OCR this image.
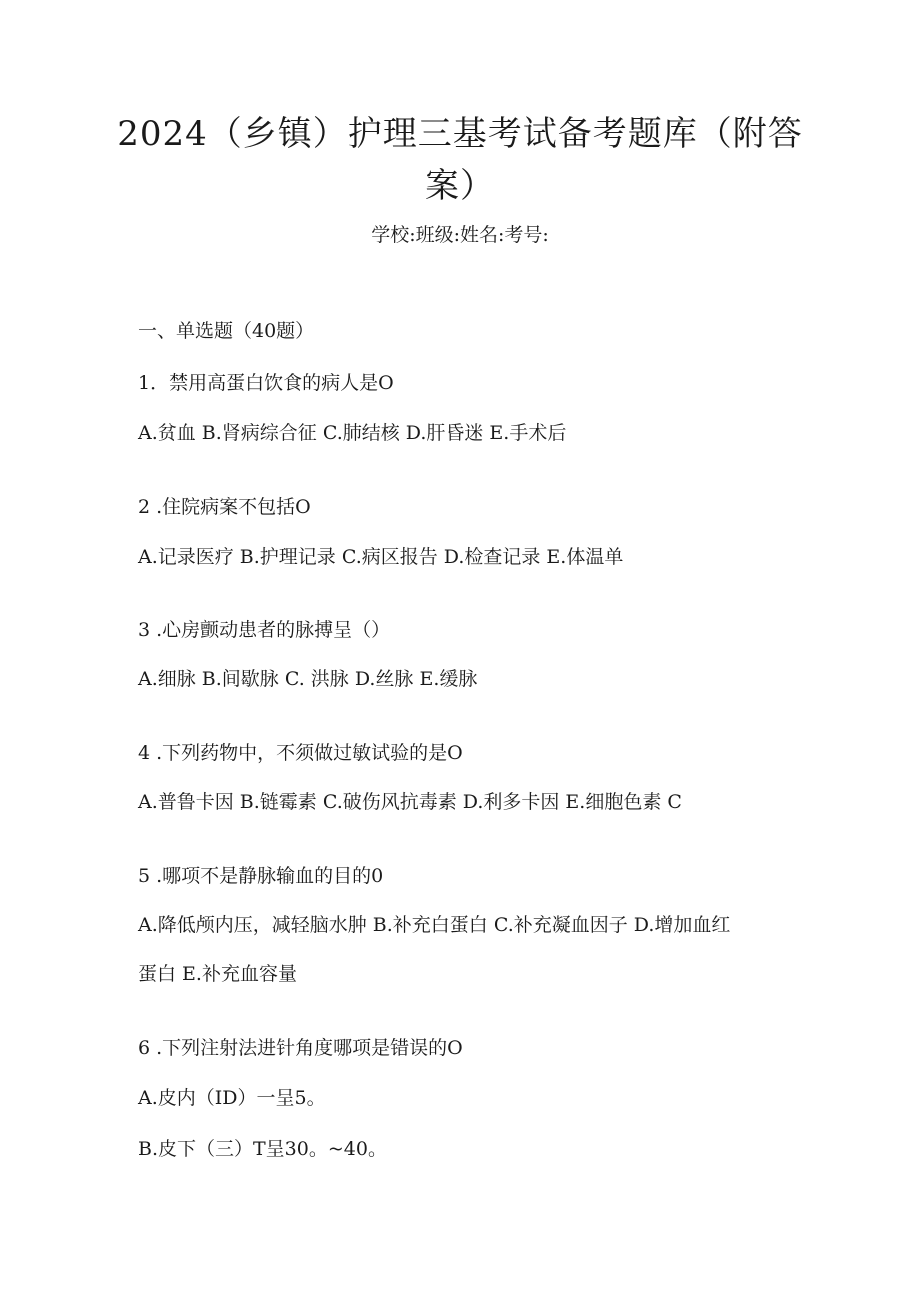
2024（乡镇）护理三基考试备考题库（附答案）
学校:班级:姓名:考号:
一、单选题（40题）
1．禁用高蛋白饮食的病人是O
A.贫血 B.肾病综合征 C.肺结核 D.肝昏迷 E.手术后
2 .住院病案不包括O
A.记录医疗 B.护理记录 C.病区报告 D.检查记录 E.体温单
3 .心房颤动患者的脉搏呈（）
A.细脉 B.间歇脉 C. 洪脉 D.丝脉 E.缓脉
4 .下列药物中，不须做过敏试验的是O
A.普鲁卡因 B.链霉素 C.破伤风抗毒素 D.利多卡因 E.细胞色素 C
5 .哪项不是静脉输血的目的0
A.降低颅内压，减轻脑水肿 B.补充白蛋白 C.补充凝血因子 D.增加血红
蛋白 E.补充血容量
6 .下列注射法进针角度哪项是错误的O
A.皮内（ID）一呈5。
B.皮下（三）T呈30。~40。
